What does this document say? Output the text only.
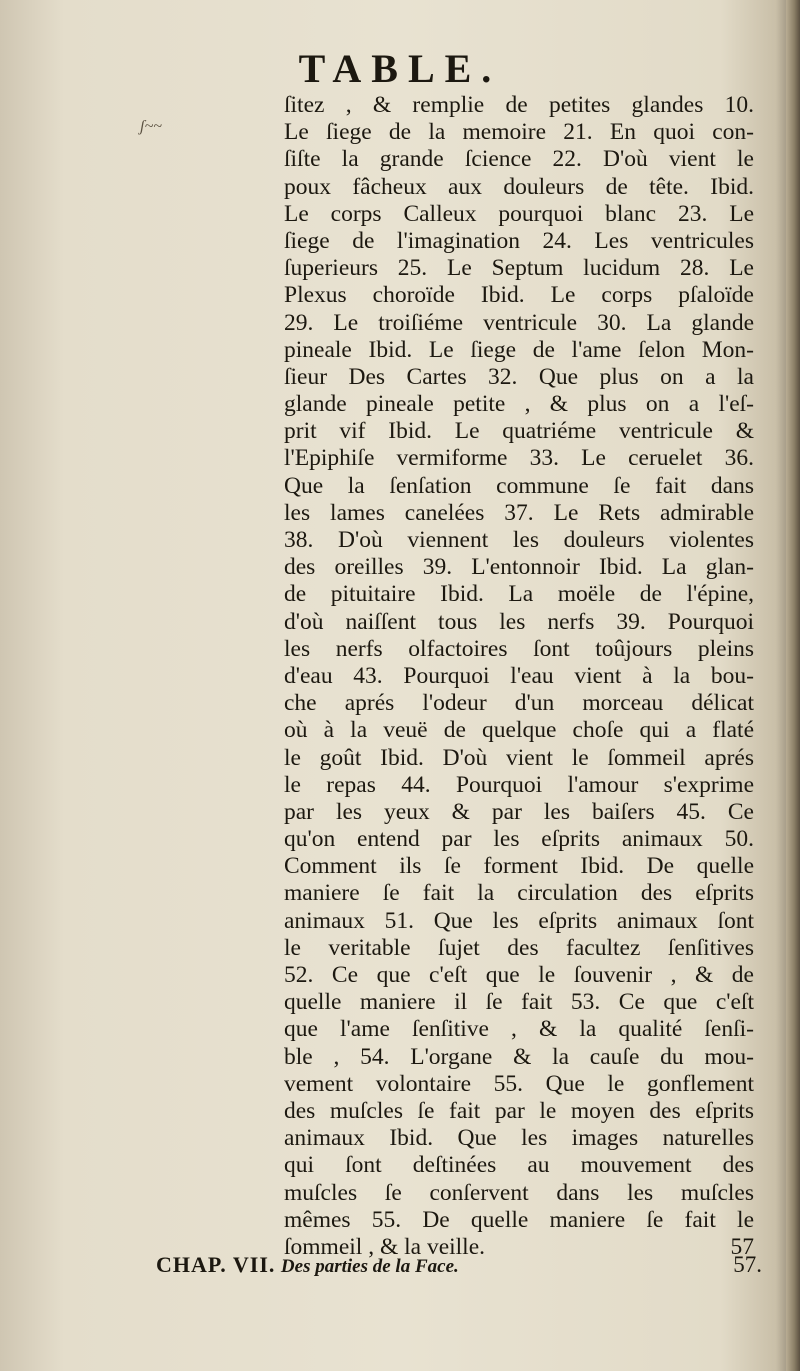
TABLE.
ʃ~~
ſitez , & remplie de petites glandes 10.
Le ſiege de la memoire 21. En quoi con-
ſiſte la grande ſcience 22. D'où vient le
poux fâcheux aux douleurs de tête. Ibid.
Le corps Calleux pourquoi blanc 23. Le
ſiege de l'imagination 24. Les ventricules
ſuperieurs 25. Le Septum lucidum 28. Le
Plexus choroïde Ibid. Le corps pſaloïde
29. Le troiſiéme ventricule 30. La glande
pineale Ibid. Le ſiege de l'ame ſelon Mon-
ſieur Des Cartes 32. Que plus on a la
glande pineale petite , & plus on a l'eſ-
prit vif Ibid. Le quatriéme ventricule &
l'Epiphiſe vermiforme 33. Le ceruelet 36.
Que la ſenſation commune ſe fait dans
les lames canelées 37. Le Rets admirable
38. D'où viennent les douleurs violentes
des oreilles 39. L'entonnoir Ibid. La glan-
de pituitaire Ibid. La moële de l'épine,
d'où naiſſent tous les nerfs 39. Pourquoi
les nerfs olfactoires ſont toûjours pleins
d'eau 43. Pourquoi l'eau vient à la bou-
che aprés l'odeur d'un morceau délicat
où à la veuë de quelque choſe qui a flaté
le goût Ibid. D'où vient le ſommeil aprés
le repas 44. Pourquoi l'amour s'exprime
par les yeux & par les baiſers 45. Ce
qu'on entend par les eſprits animaux 50.
Comment ils ſe forment Ibid. De quelle
maniere ſe fait la circulation des eſprits
animaux 51. Que les eſprits animaux ſont
le veritable ſujet des facultez ſenſitives
52. Ce que c'eſt que le ſouvenir , & de
quelle maniere il ſe fait 53. Ce que c'eſt
que l'ame ſenſitive , & la qualité ſenſi-
ble , 54. L'organe & la cauſe du mou-
vement volontaire 55. Que le gonflement
des muſcles ſe fait par le moyen des eſprits
animaux Ibid. Que les images naturelles
qui ſont deſtinées au mouvement des
muſcles ſe conſervent dans les muſcles
mêmes 55. De quelle maniere ſe fait le
ſommeil , & la veille.	57
CHAP. VII. Des parties de la Face.	57.
